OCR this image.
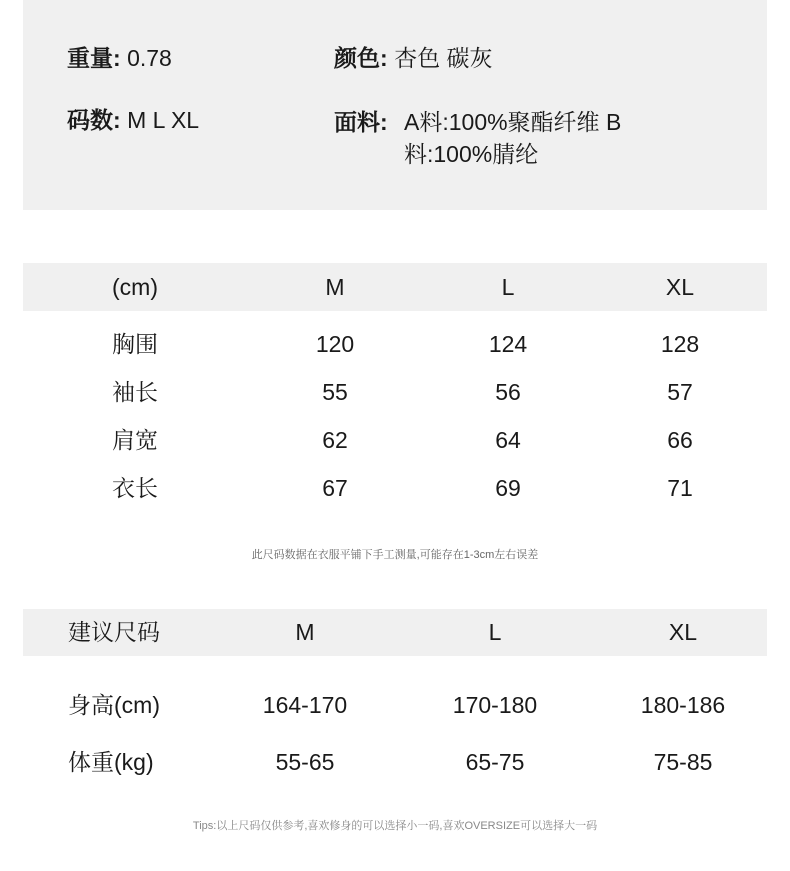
重量: 0.78	颜色: 杏色 碳灰
码数: M L XL	面料: A料:100%聚酯纤维 B料:100%腈纶
(cm)	M	L	XL
胸围	120	124	128
袖长	55	56	57
肩宽	62	64	66
衣长	67	69	71
此尺码数据在衣服平铺下手工测量,可能存在1-3cm左右误差
建议尺码	M	L	XL
身高(cm)	164-170	170-180	180-186
体重(kg)	55-65	65-75	75-85
Tips:以上尺码仅供参考,喜欢修身的可以选择小一码,喜欢OVERSIZE可以选择大一码
